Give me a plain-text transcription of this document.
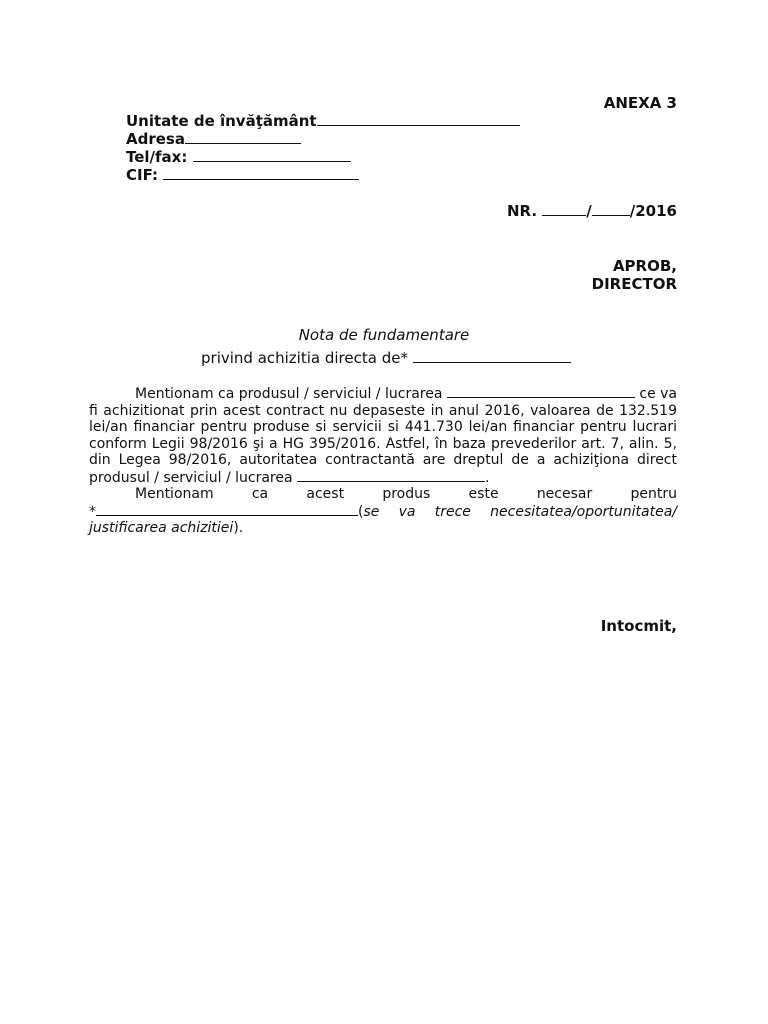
ANEXA 3
Unitate de învăţământ
Adresa
Tel/fax:
CIF:
NR.	/	/2016
APROB,
DIRECTOR
Nota de fundamentare
privind achizitia directa de*

Mentionam ca produsul / serviciul / lucrarea	ce va fi achizitionat prin acest contract nu depaseste in anul 2016, valoarea de 132.519 lei/an financiar pentru produse si servicii si 441.730 lei/an financiar pentru lucrari conform Legii 98/2016 şi a HG 395/2016. Astfel, în baza prevederilor art. 7, alin. 5, din Legea 98/2016, autoritatea contractantă are dreptul de a achiziţiona direct produsul / serviciul / lucrarea	.

Mentionam ca acest produs este necesar pentru

*	(se va trece necesitatea/oportunitatea/ justificarea achizitiei).

Intocmit,
